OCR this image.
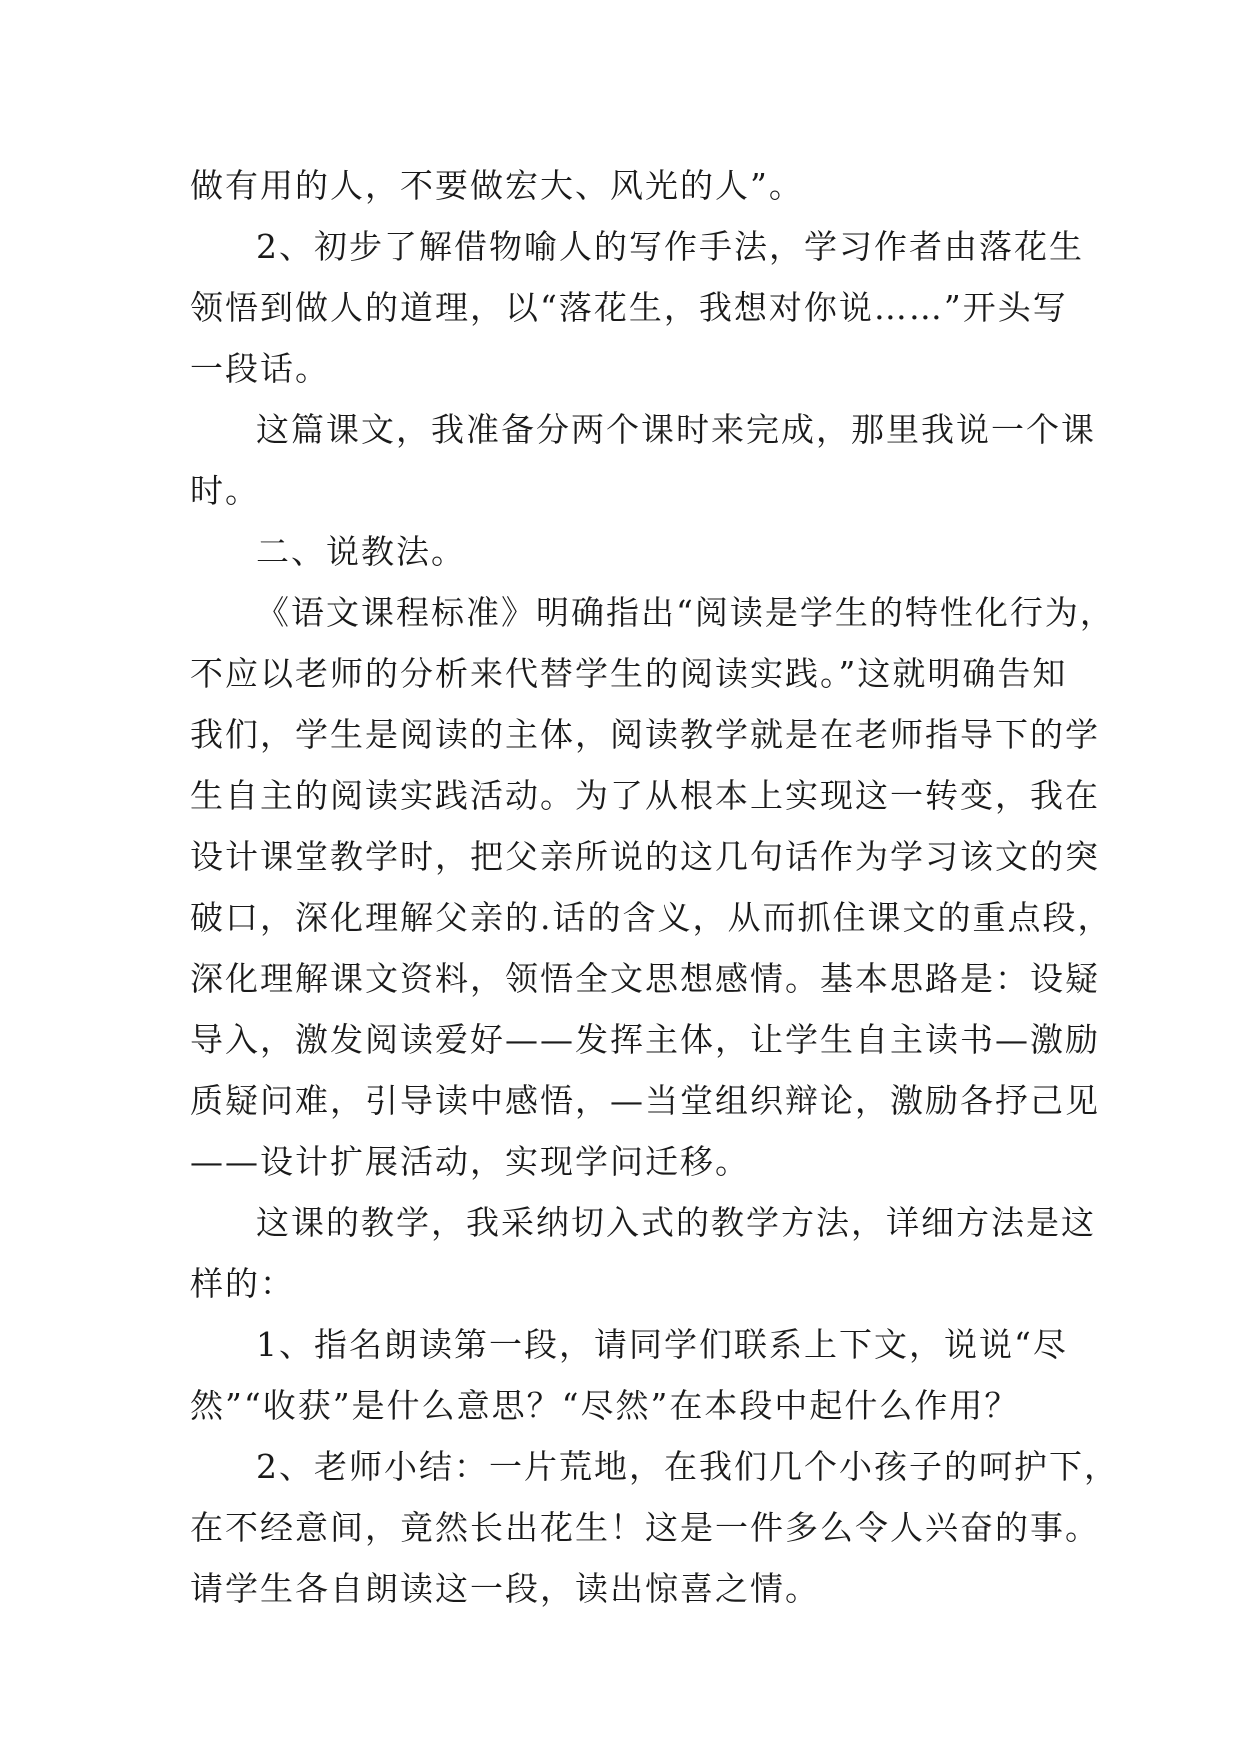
做有用的人，不要做宏大、风光的人”。
2、初步了解借物喻人的写作手法，学习作者由落花生
领悟到做人的道理，以“落花生，我想对你说……”开头写
一段话。
这篇课文，我准备分两个课时来完成，那里我说一个课
时。
二、说教法。
《语文课程标准》明确指出“阅读是学生的特性化行为，
不应以老师的分析来代替学生的阅读实践。”这就明确告知
我们，学生是阅读的主体，阅读教学就是在老师指导下的学
生自主的阅读实践活动。为了从根本上实现这一转变，我在
设计课堂教学时，把父亲所说的这几句话作为学习该文的突
破口，深化理解父亲的.话的含义，从而抓住课文的重点段，
深化理解课文资料，领悟全文思想感情。基本思路是：设疑
导入，激发阅读爱好——发挥主体，让学生自主读书—激励
质疑问难，引导读中感悟，—当堂组织辩论，激励各抒己见
——设计扩展活动，实现学问迁移。
这课的教学，我采纳切入式的教学方法，详细方法是这
样的：
1、指名朗读第一段，请同学们联系上下文，说说“尽
然”“收获”是什么意思？“尽然”在本段中起什么作用？
2、老师小结：一片荒地，在我们几个小孩子的呵护下，
在不经意间，竟然长出花生！这是一件多么令人兴奋的事。
请学生各自朗读这一段，读出惊喜之情。
